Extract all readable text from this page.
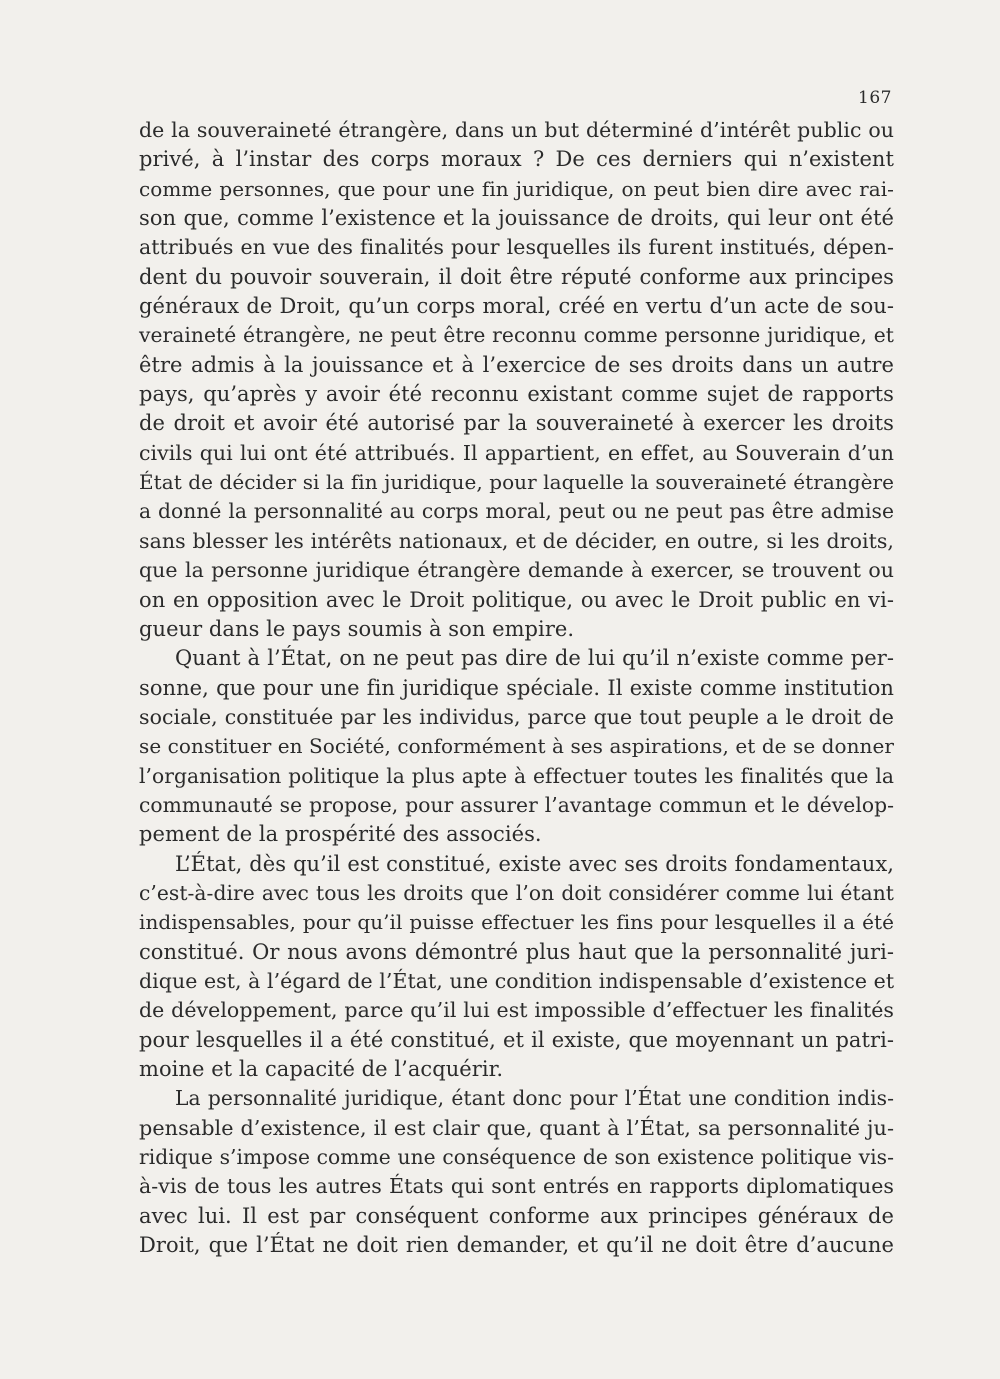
167
de la souveraineté étrangère, dans un but déterminé d’intérêt public ou
privé, à l’instar des corps moraux ? De ces derniers qui n’existent
comme personnes, que pour une fin juridique, on peut bien dire avec rai-
son que, comme l’existence et la jouissance de droits, qui leur ont été
attribués en vue des finalités pour lesquelles ils furent institués, dépen-
dent du pouvoir souverain, il doit être réputé conforme aux principes
généraux de Droit, qu’un corps moral, créé en vertu d’un acte de sou-
veraineté étrangère, ne peut être reconnu comme personne juridique, et
être admis à la jouissance et à l’exercice de ses droits dans un autre
pays, qu’après y avoir été reconnu existant comme sujet de rapports
de droit et avoir été autorisé par la souveraineté à exercer les droits
civils qui lui ont été attribués. Il appartient, en effet, au Souverain d’un
État de décider si la fin juridique, pour laquelle la souveraineté étrangère
a donné la personnalité au corps moral, peut ou ne peut pas être admise
sans blesser les intérêts nationaux, et de décider, en outre, si les droits,
que la personne juridique étrangère demande à exercer, se trouvent ou
on en opposition avec le Droit politique, ou avec le Droit public en vi-
gueur dans le pays soumis à son empire.
Quant à l’État, on ne peut pas dire de lui qu’il n’existe comme per-
sonne, que pour une fin juridique spéciale. Il existe comme institution
sociale, constituée par les individus, parce que tout peuple a le droit de
se constituer en Société, conformément à ses aspirations, et de se donner
l’organisation politique la plus apte à effectuer toutes les finalités que la
communauté se propose, pour assurer l’avantage commun et le dévelop-
pement de la prospérité des associés.
L’État, dès qu’il est constitué, existe avec ses droits fondamentaux,
c’est-à-dire avec tous les droits que l’on doit considérer comme lui étant
indispensables, pour qu’il puisse effectuer les fins pour lesquelles il a été
constitué. Or nous avons démontré plus haut que la personnalité juri-
dique est, à l’égard de l’État, une condition indispensable d’existence et
de développement, parce qu’il lui est impossible d’effectuer les finalités
pour lesquelles il a été constitué, et il existe, que moyennant un patri-
moine et la capacité de l’acquérir.
La personnalité juridique, étant donc pour l’État une condition indis-
pensable d’existence, il est clair que, quant à l’État, sa personnalité ju-
ridique s’impose comme une conséquence de son existence politique vis-
à-vis de tous les autres États qui sont entrés en rapports diplomatiques
avec lui. Il est par conséquent conforme aux principes généraux de
Droit, que l’État ne doit rien demander, et qu’il ne doit être d’aucune
